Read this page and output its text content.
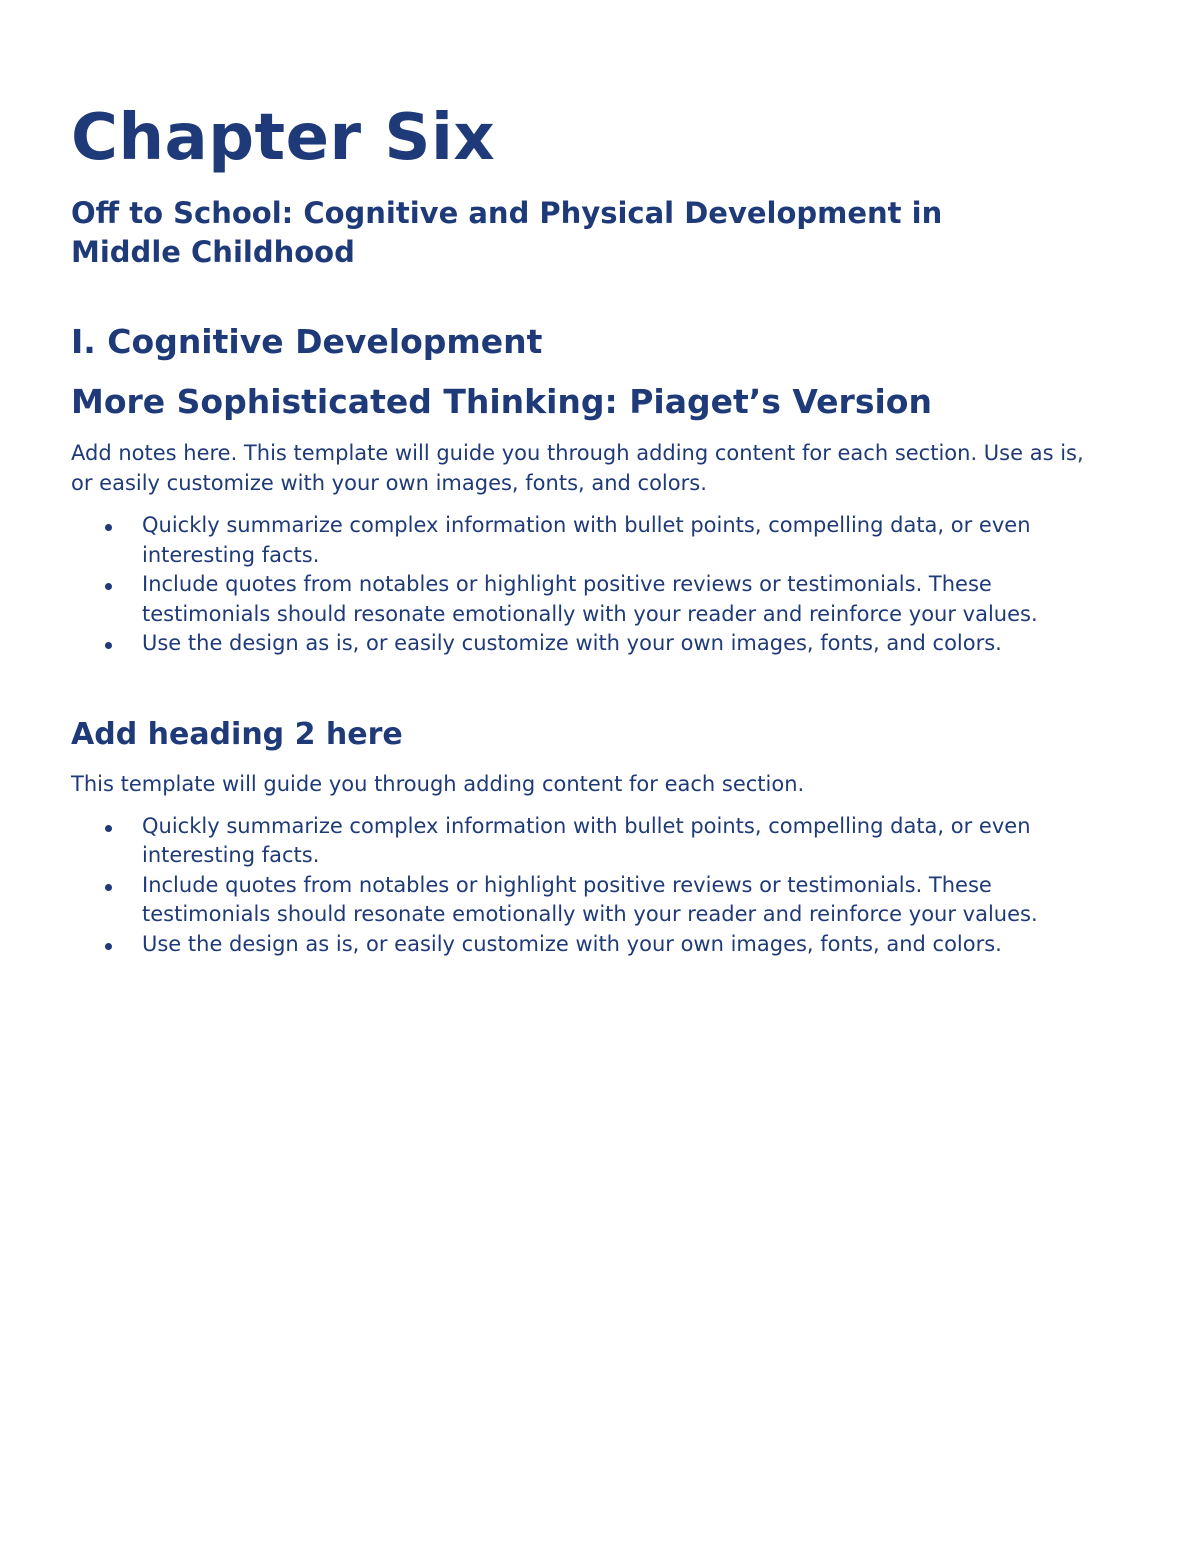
Chapter Six
Off to School: Cognitive and Physical Development in Middle Childhood
I. Cognitive Development
More Sophisticated Thinking: Piaget’s Version

Add notes here. This template will guide you through adding content for each section. Use as is, or easily customize with your own images, fonts, and colors.

Quickly summarize complex information with bullet points, compelling data, or even interesting facts.
Include quotes from notables or highlight positive reviews or testimonials. These testimonials should resonate emotionally with your reader and reinforce your values.
Use the design as is, or easily customize with your own images, fonts, and colors.
Add heading 2 here

This template will guide you through adding content for each section.

Quickly summarize complex information with bullet points, compelling data, or even interesting facts.
Include quotes from notables or highlight positive reviews or testimonials. These testimonials should resonate emotionally with your reader and reinforce your values.
Use the design as is, or easily customize with your own images, fonts, and colors.
